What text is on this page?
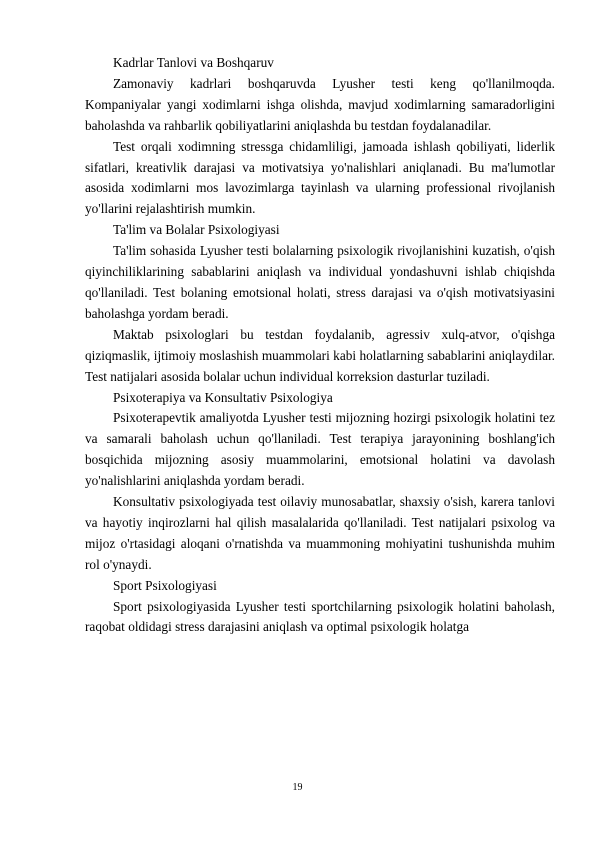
Kadrlar Tanlovi va Boshqaruv

Zamonaviy kadrlari boshqaruvda Lyusher testi keng qo'llanilmoqda. Kompaniyalar yangi xodimlarni ishga olishda, mavjud xodimlarning samaradorligini baholashda va rahbarlik qobiliyatlarini aniqlashda bu testdan foydalanadilar.

Test orqali xodimning stressga chidamliligi, jamoada ishlash qobiliyati, liderlik sifatlari, kreativlik darajasi va motivatsiya yo'nalishlari aniqlanadi. Bu ma'lumotlar asosida xodimlarni mos lavozimlarga tayinlash va ularning professional rivojlanish yo'llarini rejalashtirish mumkin.

Ta'lim va Bolalar Psixologiyasi

Ta'lim sohasida Lyusher testi bolalarning psixologik rivojlanishini kuzatish, o'qish qiyinchiliklarining sabablarini aniqlash va individual yondashuvni ishlab chiqishda qo'llaniladi. Test bolaning emotsional holati, stress darajasi va o'qish motivatsiyasini baholashga yordam beradi.

Maktab psixologlari bu testdan foydalanib, agressiv xulq-atvor, o'qishga qiziqmaslik, ijtimoiy moslashish muammolari kabi holatlarning sabablarini aniqlaydilar. Test natijalari asosida bolalar uchun individual korreksion dasturlar tuziladi.

Psixoterapiya va Konsultativ Psixologiya

Psixoterapevtik amaliyotda Lyusher testi mijozning hozirgi psixologik holatini tez va samarali baholash uchun qo'llaniladi. Test terapiya jarayonining boshlang'ich bosqichida mijozning asosiy muammolarini, emotsional holatini va davolash yo'nalishlarini aniqlashda yordam beradi.

Konsultativ psixologiyada test oilaviy munosabatlar, shaxsiy o'sish, karera tanlovi va hayotiy inqirozlarni hal qilish masalalarida qo'llaniladi. Test natijalari psixolog va mijoz o'rtasidagi aloqani o'rnatishda va muammoning mohiyatini tushunishda muhim rol o'ynaydi.

Sport Psixologiyasi

Sport psixologiyasida Lyusher testi sportchilarning psixologik holatini baholash, raqobat oldidagi stress darajasini aniqlash va optimal psixologik holatga

19
